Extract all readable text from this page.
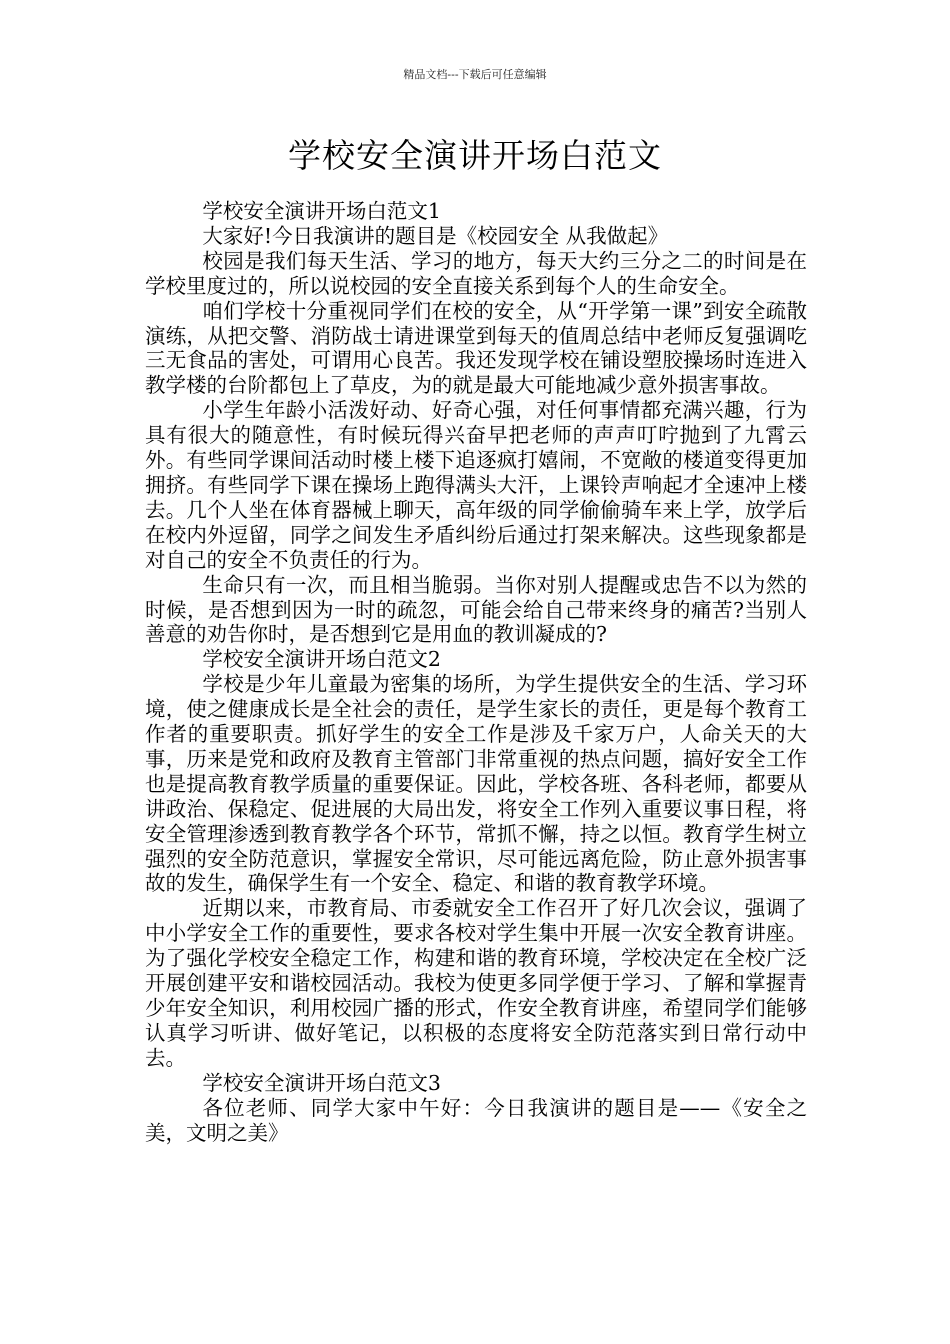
精品文档---下载后可任意编辑
学校安全演讲开场白范文

学校安全演讲开场白范文1

大家好!今日我演讲的题目是《校园安全 从我做起》

校园是我们每天生活、学习的地方，每天大约三分之二的时间是在学校里度过的，所以说校园的安全直接关系到每个人的生命安全。

咱们学校十分重视同学们在校的安全，从“开学第一课”到安全疏散演练，从把交警、消防战士请进课堂到每天的值周总结中老师反复强调吃三无食品的害处，可谓用心良苦。我还发现学校在铺设塑胶操场时连进入教学楼的台阶都包上了草皮，为的就是最大可能地减少意外损害事故。

小学生年龄小活泼好动、好奇心强，对任何事情都充满兴趣，行为具有很大的随意性，有时候玩得兴奋早把老师的声声叮咛抛到了九霄云外。有些同学课间活动时楼上楼下追逐疯打嬉闹，不宽敞的楼道变得更加拥挤。有些同学下课在操场上跑得满头大汗，上课铃声响起才全速冲上楼去。几个人坐在体育器械上聊天，高年级的同学偷偷骑车来上学，放学后在校内外逗留，同学之间发生矛盾纠纷后通过打架来解决。这些现象都是对自己的安全不负责任的行为。

生命只有一次，而且相当脆弱。当你对别人提醒或忠告不以为然的时候，是否想到因为一时的疏忽，可能会给自己带来终身的痛苦?当别人善意的劝告你时，是否想到它是用血的教训凝成的?

学校安全演讲开场白范文2

学校是少年儿童最为密集的场所，为学生提供安全的生活、学习环境，使之健康成长是全社会的责任，是学生家长的责任，更是每个教育工作者的重要职责。抓好学生的安全工作是涉及千家万户，人命关天的大事，历来是党和政府及教育主管部门非常重视的热点问题，搞好安全工作也是提高教育教学质量的重要保证。因此，学校各班、各科老师，都要从讲政治、保稳定、促进展的大局出发，将安全工作列入重要议事日程，将安全管理渗透到教育教学各个环节，常抓不懈，持之以恒。教育学生树立强烈的安全防范意识，掌握安全常识，尽可能远离危险，防止意外损害事故的发生，确保学生有一个安全、稳定、和谐的教育教学环境。

近期以来，市教育局、市委就安全工作召开了好几次会议，强调了中小学安全工作的重要性，要求各校对学生集中开展一次安全教育讲座。为了强化学校安全稳定工作，构建和谐的教育环境，学校决定在全校广泛开展创建平安和谐校园活动。我校为使更多同学便于学习、了解和掌握青少年安全知识，利用校园广播的形式，作安全教育讲座，希望同学们能够认真学习听讲、做好笔记，以积极的态度将安全防范落实到日常行动中去。

学校安全演讲开场白范文3

各位老师、同学大家中午好：今日我演讲的题目是——《安全之美，文明之美》
